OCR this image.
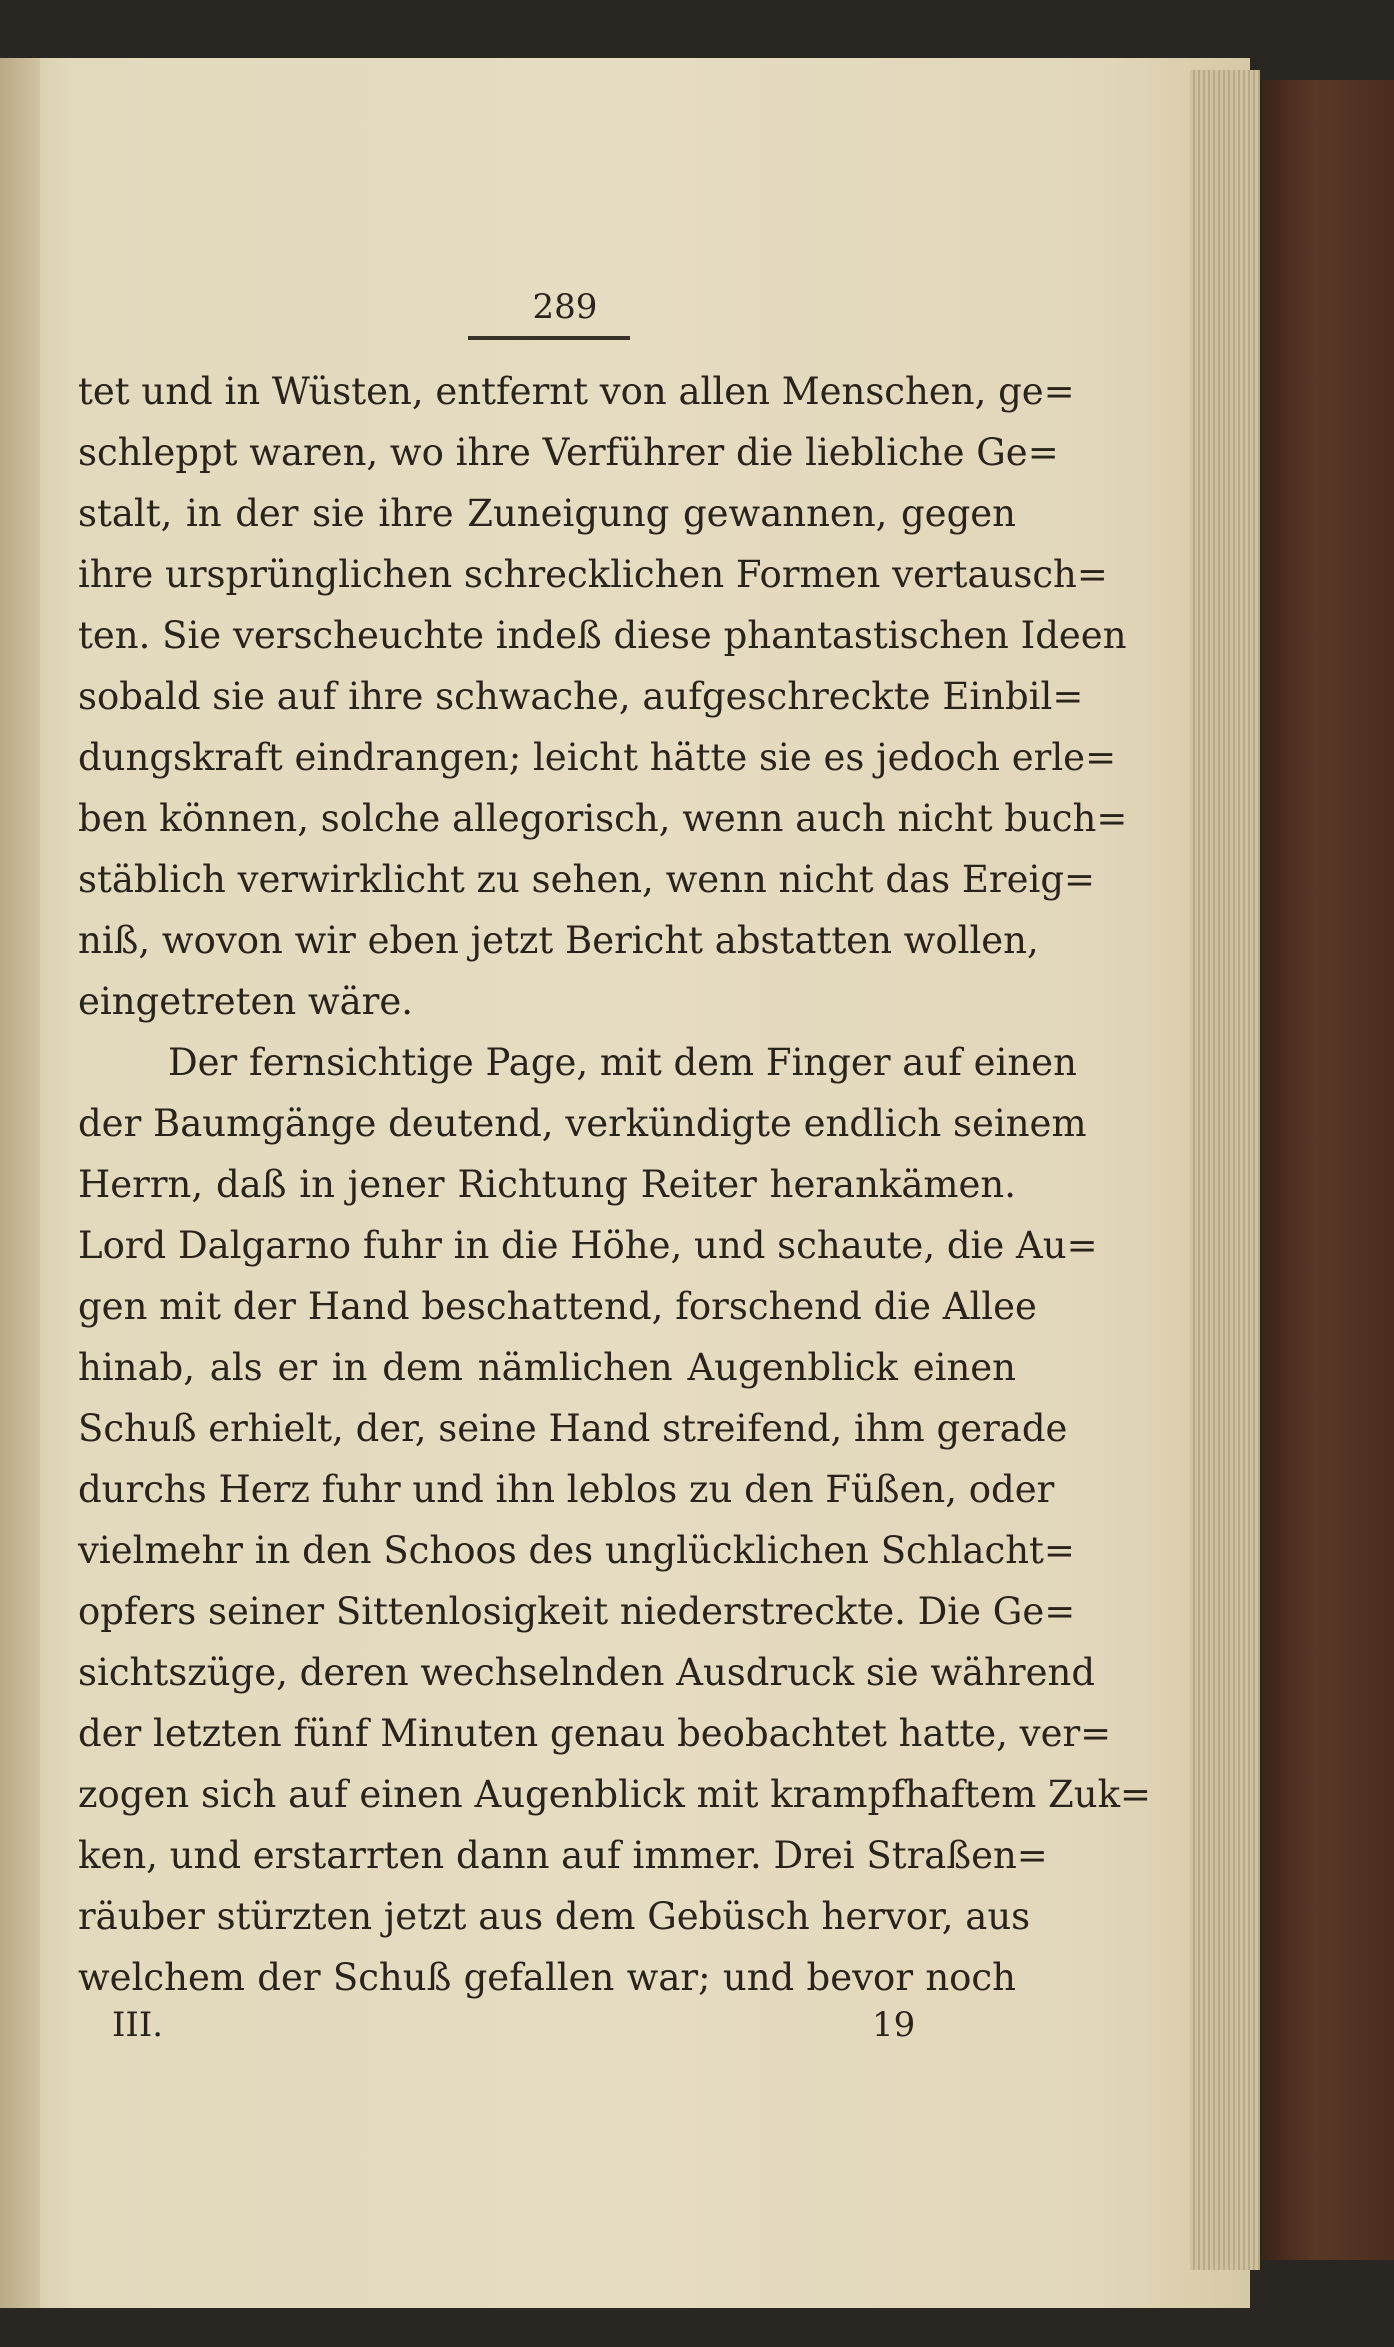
289
tet und in Wüsten, entfernt von allen Menschen, ge=
schleppt waren, wo ihre Verführer die liebliche Ge=
stalt, in der sie ihre Zuneigung gewannen, gegen
ihre ursprünglichen schrecklichen Formen vertausch=
ten. Sie verscheuchte indeß diese phantastischen Ideen
sobald sie auf ihre schwache, aufgeschreckte Einbil=
dungskraft eindrangen; leicht hätte sie es jedoch erle=
ben können, solche allegorisch, wenn auch nicht buch=
stäblich verwirklicht zu sehen, wenn nicht das Ereig=
niß, wovon wir eben jetzt Bericht abstatten wollen,
eingetreten wäre.
Der fernsichtige Page, mit dem Finger auf einen
der Baumgänge deutend, verkündigte endlich seinem
Herrn, daß in jener Richtung Reiter herankämen.
Lord Dalgarno fuhr in die Höhe, und schaute, die Au=
gen mit der Hand beschattend, forschend die Allee
hinab, als er in dem nämlichen Augenblick einen
Schuß erhielt, der, seine Hand streifend, ihm gerade
durchs Herz fuhr und ihn leblos zu den Füßen, oder
vielmehr in den Schoos des unglücklichen Schlacht=
opfers seiner Sittenlosigkeit niederstreckte. Die Ge=
sichtszüge, deren wechselnden Ausdruck sie während
der letzten fünf Minuten genau beobachtet hatte, ver=
zogen sich auf einen Augenblick mit krampfhaftem Zuk=
ken, und erstarrten dann auf immer. Drei Straßen=
räuber stürzten jetzt aus dem Gebüsch hervor, aus
welchem der Schuß gefallen war; und bevor noch
III.	19
